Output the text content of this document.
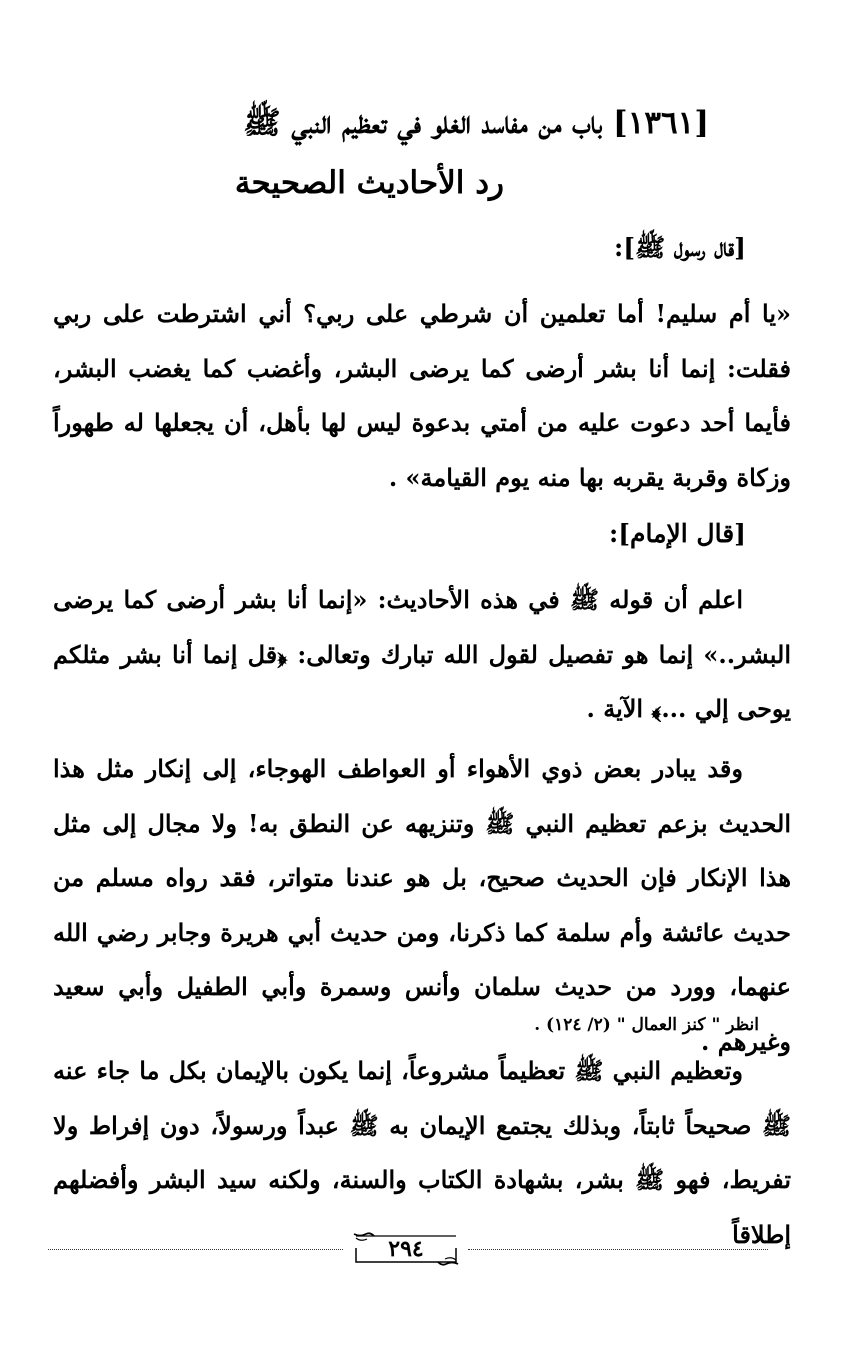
[١٣٦١] باب من مفاسد الغلو في تعظيم النبي ﷺ
رد الأحاديث الصحيحة
[قال رسول ﷺ]:

«يا أم سليم! أما تعلمين أن شرطي على ربي؟ أني اشترطت على ربي فقلت: إنما أنا بشر أرضى كما يرضى البشر، وأغضب كما يغضب البشر، فأيما أحد دعوت عليه من أمتي بدعوة ليس لها بأهل، أن يجعلها له طهوراً وزكاة وقربة يقربه بها منه يوم القيامة» .

[قال الإمام]:

اعلم أن قوله ﷺ في هذه الأحاديث: «إنما أنا بشر أرضى كما يرضى البشر..» إنما هو تفصيل لقول الله تبارك وتعالى: ﴿قل إنما أنا بشر مثلكم يوحى إلي ...﴾ الآية .

وقد يبادر بعض ذوي الأهواء أو العواطف الهوجاء، إلى إنكار مثل هذا الحديث بزعم تعظيم النبي ﷺ وتنزيهه عن النطق به! ولا مجال إلى مثل هذا الإنكار فإن الحديث صحيح، بل هو عندنا متواتر، فقد رواه مسلم من حديث عائشة وأم سلمة كما ذكرنا، ومن حديث أبي هريرة وجابر رضي الله عنهما، وورد من حديث سلمان وأنس وسمرة وأبي الطفيل وأبي سعيد وغيرهم .

انظر " كنز العمال " (٢/ ١٢٤) .

وتعظيم النبي ﷺ تعظيماً مشروعاً، إنما يكون بالإيمان بكل ما جاء عنه ﷺ صحيحاً ثابتاً، وبذلك يجتمع الإيمان به ﷺ عبداً ورسولاً، دون إفراط ولا تفريط، فهو ﷺ بشر، بشهادة الكتاب والسنة، ولكنه سيد البشر وأفضلهم إطلاقاً

٢٩٤
